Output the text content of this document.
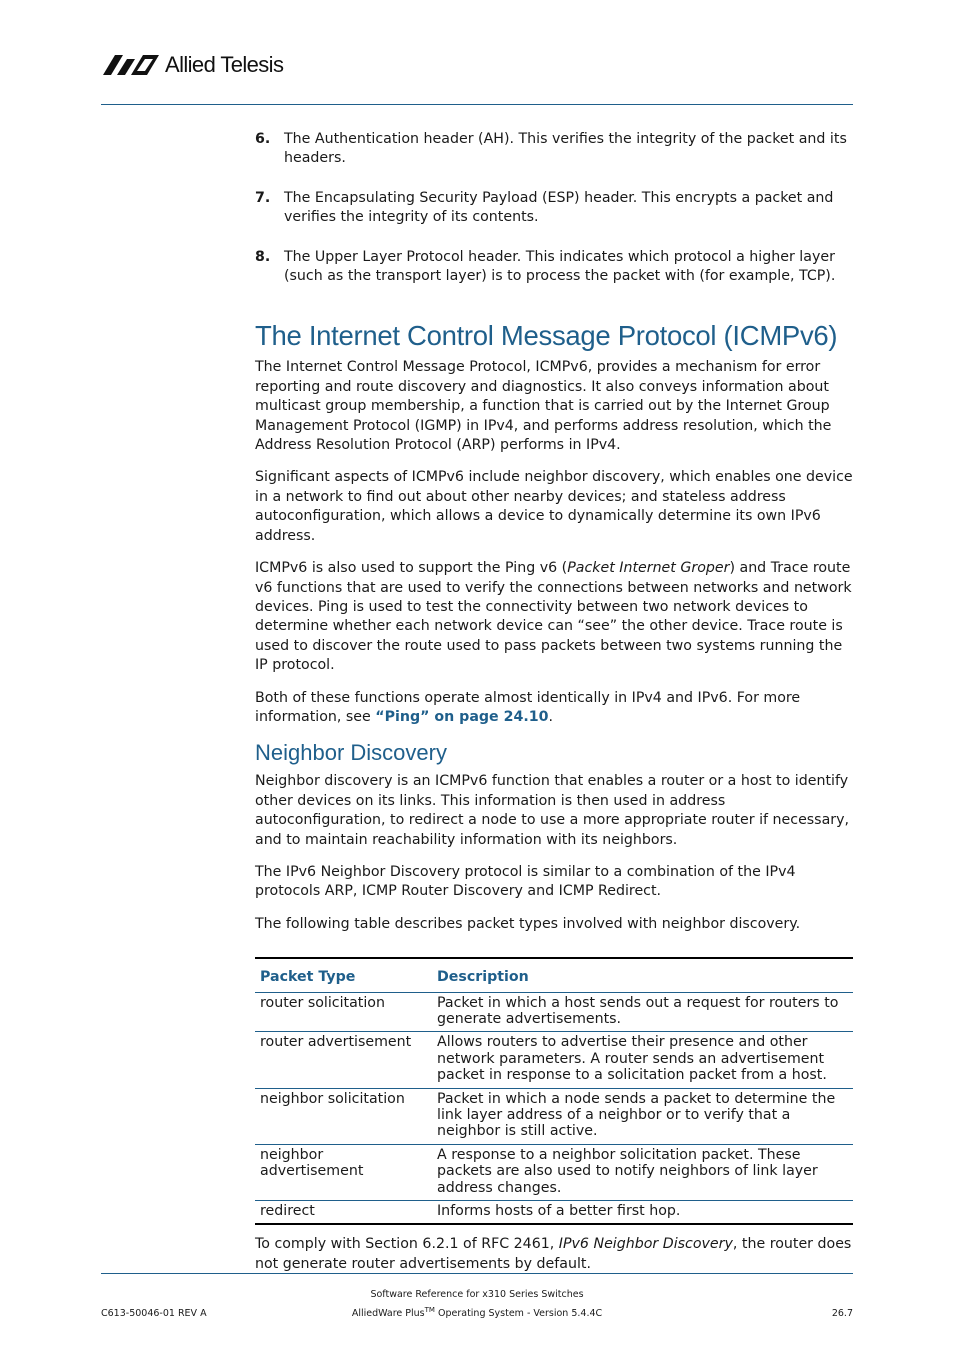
Allied Telesis
6. The Authentication header (AH). This verifies the integrity of the packet and its headers.
7. The Encapsulating Security Payload (ESP) header. This encrypts a packet and verifies the integrity of its contents.
8. The Upper Layer Protocol header. This indicates which protocol a higher layer (such as the transport layer) is to process the packet with (for example, TCP).
The Internet Control Message Protocol (ICMPv6)

The Internet Control Message Protocol, ICMPv6, provides a mechanism for error reporting and route discovery and diagnostics. It also conveys information about multicast group membership, a function that is carried out by the Internet Group Management Protocol (IGMP) in IPv4, and performs address resolution, which the Address Resolution Protocol (ARP) performs in IPv4.

Significant aspects of ICMPv6 include neighbor discovery, which enables one device in a network to find out about other nearby devices; and stateless address autoconfiguration, which allows a device to dynamically determine its own IPv6 address.

ICMPv6 is also used to support the Ping v6 (Packet Internet Groper) and Trace route v6 functions that are used to verify the connections between networks and network devices. Ping is used to test the connectivity between two network devices to determine whether each network device can “see” the other device. Trace route is used to discover the route used to pass packets between two systems running the IP protocol.

Both of these functions operate almost identically in IPv4 and IPv6. For more information, see “Ping” on page 24.10.

Neighbor Discovery

Neighbor discovery is an ICMPv6 function that enables a router or a host to identify other devices on its links. This information is then used in address autoconfiguration, to redirect a node to use a more appropriate router if necessary, and to maintain reachability information with its neighbors.

The IPv6 Neighbor Discovery protocol is similar to a combination of the IPv4 protocols ARP, ICMP Router Discovery and ICMP Redirect.

The following table describes packet types involved with neighbor discovery.

Packet Type	Description
router solicitation	Packet in which a host sends out a request for routers to generate advertisements.
router advertisement	Allows routers to advertise their presence and other network parameters. A router sends an advertisement packet in response to a solicitation packet from a host.
neighbor solicitation	Packet in which a node sends a packet to determine the link layer address of a neighbor or to verify that a neighbor is still active.
neighbor advertisement	A response to a neighbor solicitation packet. These packets are also used to notify neighbors of link layer address changes.
redirect	Informs hosts of a better first hop.

To comply with Section 6.2.1 of RFC 2461, IPv6 Neighbor Discovery, the router does not generate router advertisements by default.

Software Reference for x310 Series Switches
AlliedWare Plus™ Operating System - Version 5.4.4C
C613-50046-01 REV A	26.7
